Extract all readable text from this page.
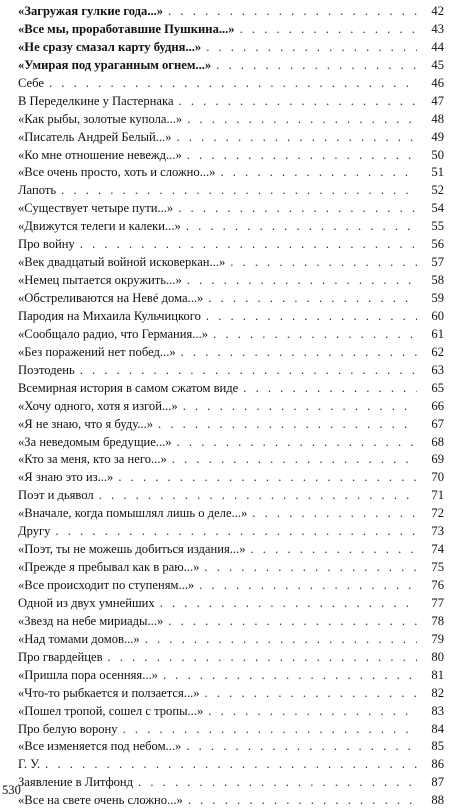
«Загружая гулкие года...» . . .	42
«Все мы, проработавшие Пушкина...» . . .	43
«Не сразу смазал карту будня...» . . .	44
«Умирая под ураганным огнем...» . . .	45
Себе . . .	46
В Переделкине у Пастернака . . .	47
«Как рыбы, золотые купола...» . . .	48
«Писатель Андрей Белый...» . . .	49
«Ко мне отношение невежд...» . . .	50
«Все очень просто, хоть и сложно...» . . .	51
Лапоть . . .	52
«Существует четыре пути...» . . .	54
«Движутся телеги и калеки...» . . .	55
Про войну . . .	56
«Век двадцатый войной исковеркан...» . . .	57
«Немец пытается окружить...» . . .	58
«Обстреливаются на Невé дома...» . . .	59
Пародия на Михаила Кульчицкого . . .	60
«Сообщало радио, что Германия...» . . .	61
«Без поражений нет побед...» . . .	62
Поэтодень . . .	63
Всемирная история в самом сжатом виде . . .	65
«Хочу одного, хотя я изгой...» . . .	66
«Я не знаю, что я буду...» . . .	67
«За неведомым бредущие...» . . .	68
«Кто за меня, кто за него...» . . .	69
«Я знаю это из...» . . .	70
Поэт и дьявол . . .	71
«Вначале, когда помышлял лишь о деле...» . . .	72
Другу . . .	73
«Поэт, ты не можешь добиться издания...» . . .	74
«Прежде я пребывал как в раю...» . . .	75
«Все происходит по ступеням...» . . .	76
Одной из двух умнейших . . .	77
«Звезд на небе мириады...» . . .	78
«Над томами домов...» . . .	79
Про гвардейцев . . .	80
«Пришла пора осенняя...» . . .	81
«Что-то рыбкается и ползается...» . . .	82
«Пошел тропой, сошел с тропы...» . . .	83
Про белую ворону . . .	84
«Все изменяется под небом...» . . .	85
Г. У. . . .	86
Заявление в Литфонд . . .	87
«Все на свете очень сложно...» . . .	88
530
